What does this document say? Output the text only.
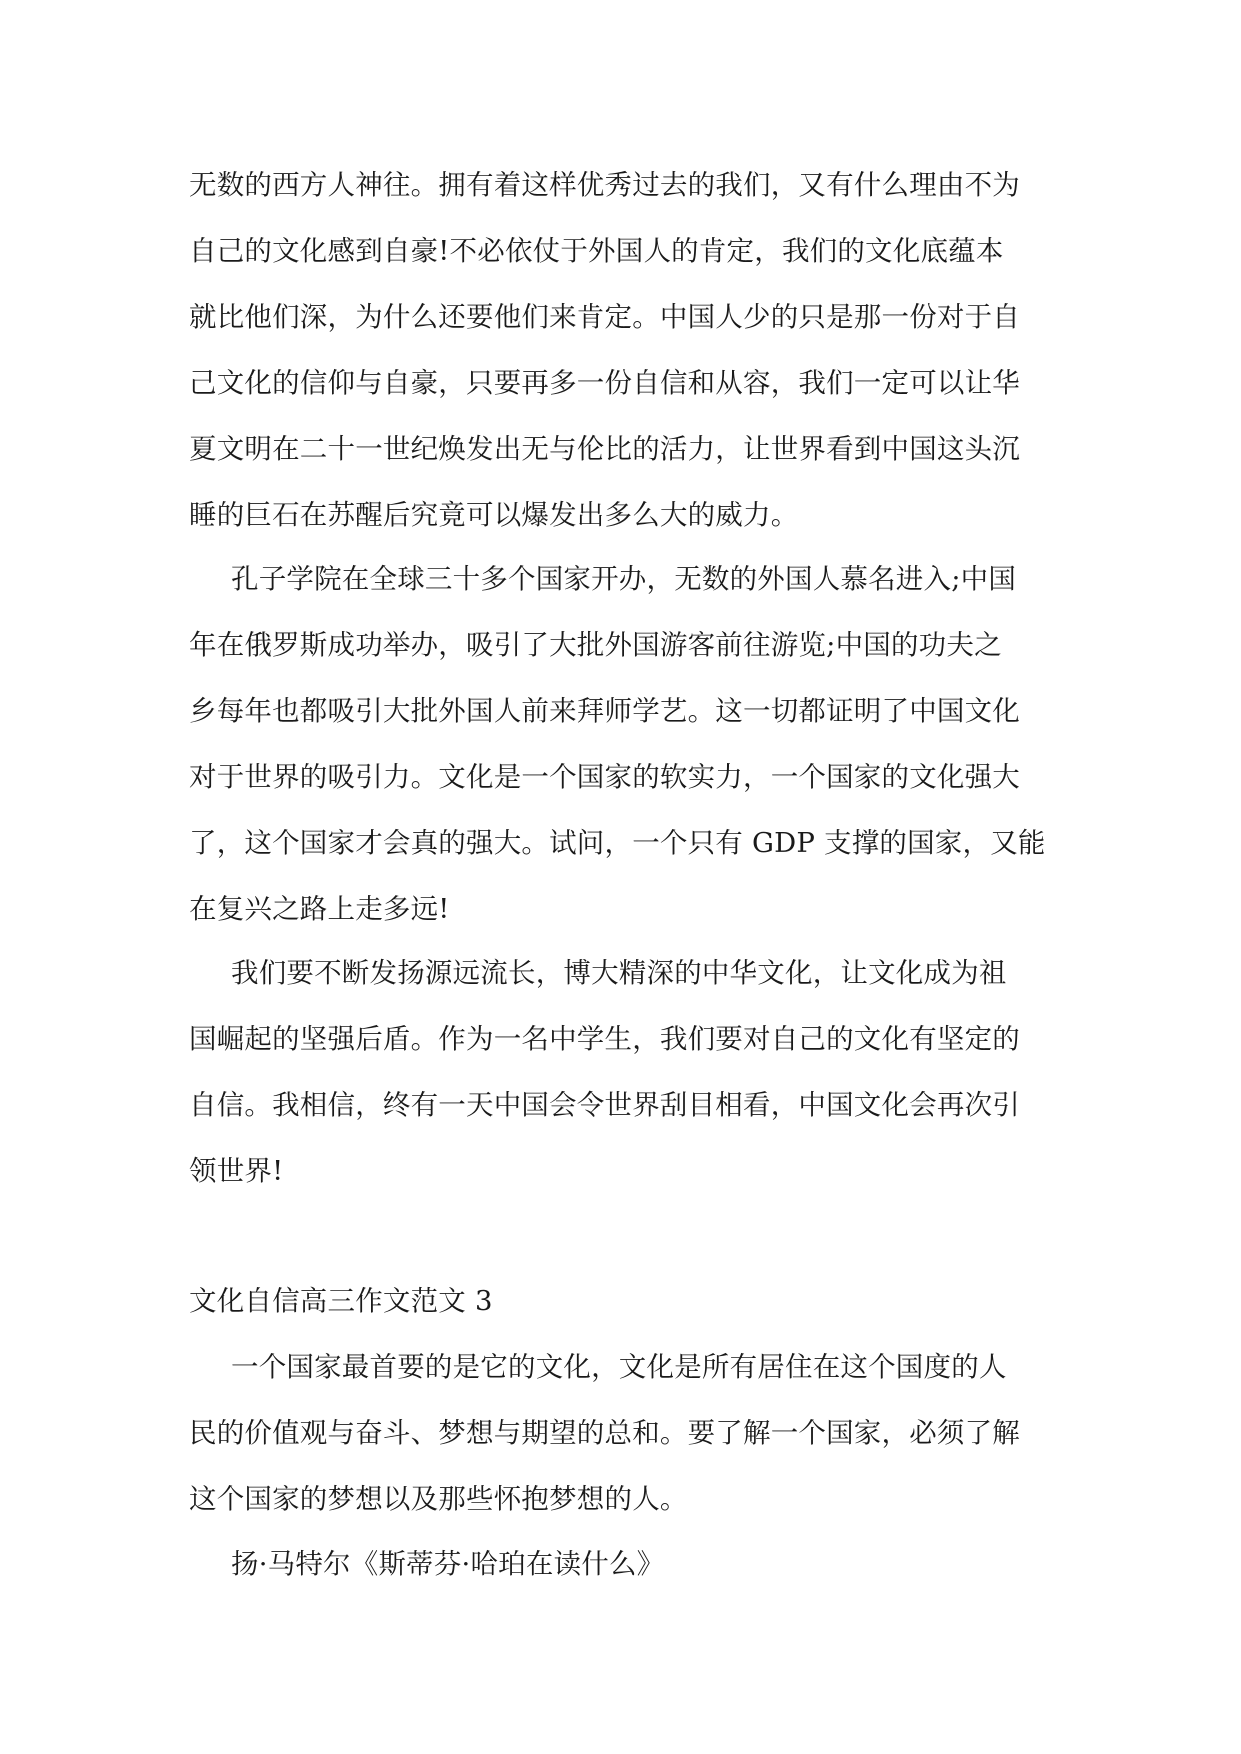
无数的西方人神往。拥有着这样优秀过去的我们，又有什么理由不为
自己的文化感到自豪!不必依仗于外国人的肯定，我们的文化底蕴本
就比他们深，为什么还要他们来肯定。中国人少的只是那一份对于自
己文化的信仰与自豪，只要再多一份自信和从容，我们一定可以让华
夏文明在二十一世纪焕发出无与伦比的活力，让世界看到中国这头沉
睡的巨石在苏醒后究竟可以爆发出多么大的威力。
孔子学院在全球三十多个国家开办，无数的外国人慕名进入;中国
年在俄罗斯成功举办，吸引了大批外国游客前往游览;中国的功夫之
乡每年也都吸引大批外国人前来拜师学艺。这一切都证明了中国文化
对于世界的吸引力。文化是一个国家的软实力，一个国家的文化强大
了，这个国家才会真的强大。试问，一个只有 GDP 支撑的国家，又能
在复兴之路上走多远!
我们要不断发扬源远流长，博大精深的中华文化，让文化成为祖
国崛起的坚强后盾。作为一名中学生，我们要对自己的文化有坚定的
自信。我相信，终有一天中国会令世界刮目相看，中国文化会再次引
领世界!
文化自信高三作文范文 3
一个国家最首要的是它的文化，文化是所有居住在这个国度的人
民的价值观与奋斗、梦想与期望的总和。要了解一个国家，必须了解
这个国家的梦想以及那些怀抱梦想的人。
扬·马特尔《斯蒂芬·哈珀在读什么》
